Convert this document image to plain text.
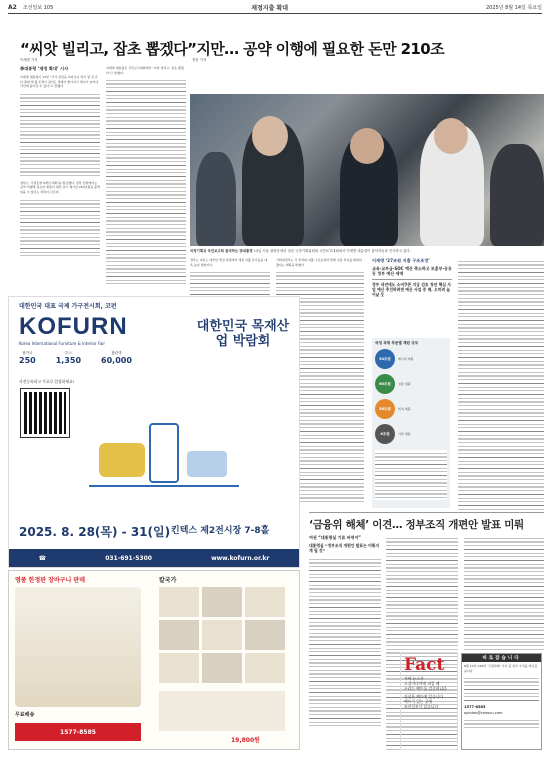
A2 조선일보 105	재정지출 확대	2025년 8월 14일 목요일
“씨앗 빌리고, 잡초 뽑겠다”지만… 공약 이행에 필요한 돈만 210조
이새별 기자	정선 기자
李대통령 ‘재정 확대’ 시사
이재명 대통령이 13일 “국가 살림을 하다보니 빚이 될 것 같다 절대 세 출 조정이 있어도 경제가 좋아지고 세수가 늘어야 국민께 돌아갈 수 있다”고 말했다.
정부는 ‘국정운영 5개년 계획’을 발표했다. 정부 안팎에서는 공약 이행에 필요한 재원이 대선 당시 제시한 210조원을 훌쩍 넘을 수 있다는 관측이 나온다.
이재명 대통령은 국민보고대회에서 “씨앗 빌리고, 잡초 뽑겠다”고 밝혔다.
국정기획위 국민보고회 참석하는 李대통령 13일 서울 광화문에서 열린 국정기획위원회 국민보고대회에서 이재명 대통령이 참석자들과 인사하고 있다.
정부는 내년도 예산안 편성 과정에서 재정 지출 증가율을 대폭 높일 방침이다.
기획재정부는 각 부처의 지출 구조조정과 함께 성장 투자를 확대하겠다는 계획을 밝혔다.
이재명 ‘27조원 지출 구조조정’
교육·교부금·SOC 예산 축소하고 보훈부·공공 등 정부 예산 세액
정부 내년에도 소비쿠폰 지급 검토 청년 핵심 사업 예산 추진하려면 예산 사업 중 배, 오히려 늘어날 듯
국정 과제 부문별 재원 규모
54조원 에너지 재원
60조원 성장 재원
58조원 복지 재원
6조원	기타 재원
대한민국 대표 국제 가구전시회, 코펀
KOFURN
Korea International Furniture & Interior Fair
참가국
250
부스
1,350
참관객
60,000
대한민국 목재산업 박람회
사전등록하고 무료로 입장하세요!
2025. 8. 28(목) - 31(일) 킨텍스 제2전시장 7-8홀
☎	031-691-5300	www.kofurn.or.kr
명품 한정판 장바구니 판매
무료배송
1577-8585
칼국가
19,800원
‘금융위 해체’ 이견… 정부조직 개편안 발표 미뤄
여권 “대통령실 기류 바뀌어”
대통령실 “정부조직 개편안 발표는 미뤄지게 될 것”
Fact
가짜 뉴스가
소셜미디어에 퍼질 때
우리는 팩트를 검증합니다
진실은 팩트에 있습니다
팩트가 있는 곳에
조선일보가 있습니다
바로잡습니다
8월 13일 A10면 ‘국정과제’ 기사 중 일부 수치를 바로잡습니다.
1577-8585
opinion@chosun.com
